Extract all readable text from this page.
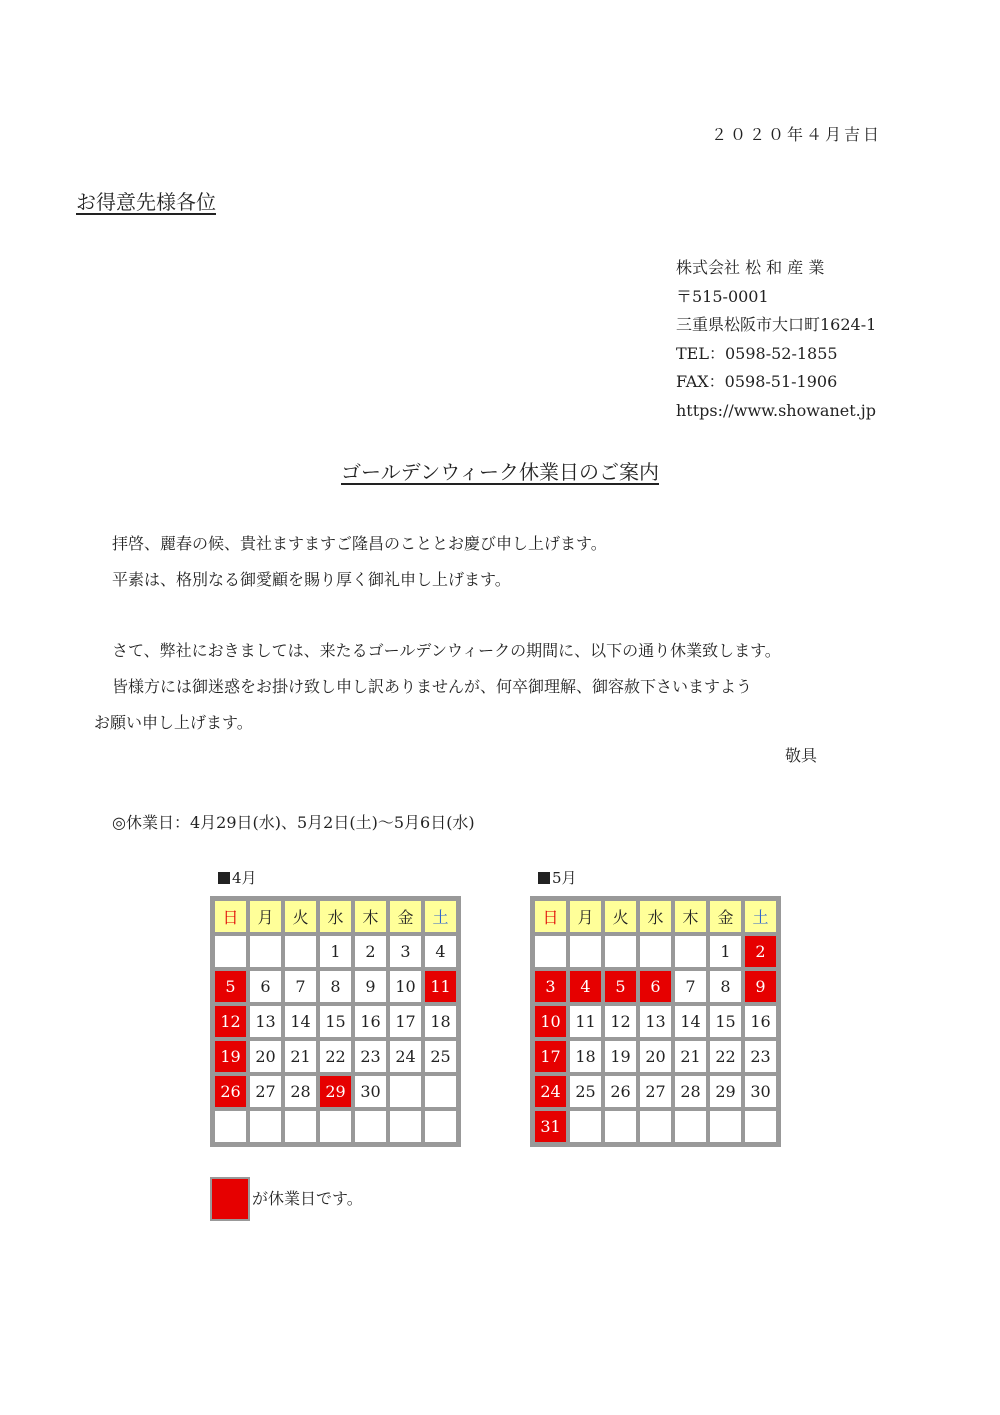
２０２０年４月吉日
お得意先様各位
株式会社 松 和 産 業
〒515-0001
三重県松阪市大口町1624-1
TEL：0598-52-1855
FAX：0598-51-1906
https://www.showanet.jp
ゴールデンウィーク休業日のご案内
拝啓、麗春の候、貴社ますますご隆昌のこととお慶び申し上げます。
平素は、格別なる御愛顧を賜り厚く御礼申し上げます。
さて、弊社におきましては、来たるゴールデンウィークの期間に、以下の通り休業致します。
皆様方には御迷惑をお掛け致し申し訳ありませんが、何卒御理解、御容赦下さいますよう
お願い申し上げます。
敬具
◎休業日：4月29日(水)、5月2日(土)～5月6日(水)
4月
日	月	火	水	木	金	土
			1	2	3	4
5	6	7	8	9	10	11
12	13	14	15	16	17	18
19	20	21	22	23	24	25
26	27	28	29	30		

5月
日	月	火	水	木	金	土
					1	2
3	4	5	6	7	8	9
10	11	12	13	14	15	16
17	18	19	20	21	22	23
24	25	26	27	28	29	30
31						
が休業日です。
